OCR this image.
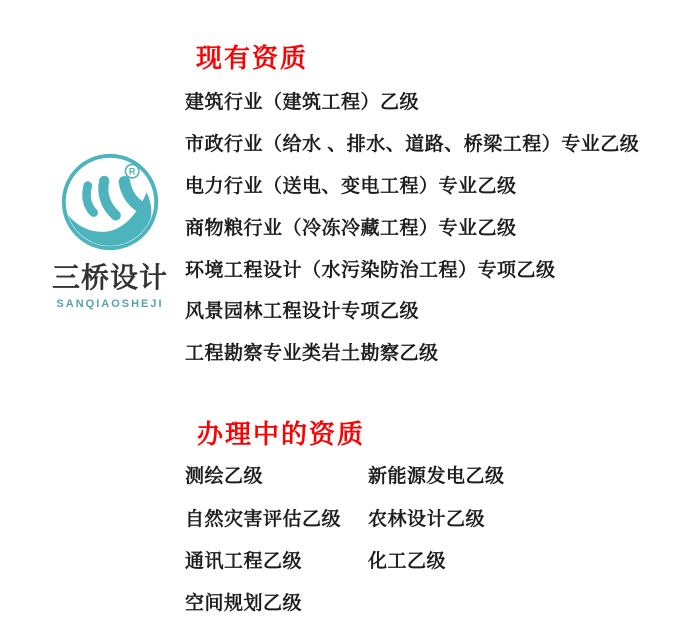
R
三桥设计
SANQIAOSHEJI
现有资质
建筑行业（建筑工程）乙级
市政行业（给水 、排水、道路、桥梁工程）专业乙级
电力行业（送电、变电工程）专业乙级
商物粮行业（冷冻冷藏工程）专业乙级
环境工程设计（水污染防治工程）专项乙级
风景园林工程设计专项乙级
工程勘察专业类岩土勘察乙级
办理中的资质
测绘乙级	新能源发电乙级
自然灾害评估乙级 农林设计乙级
通讯工程乙级	化工乙级
空间规划乙级
